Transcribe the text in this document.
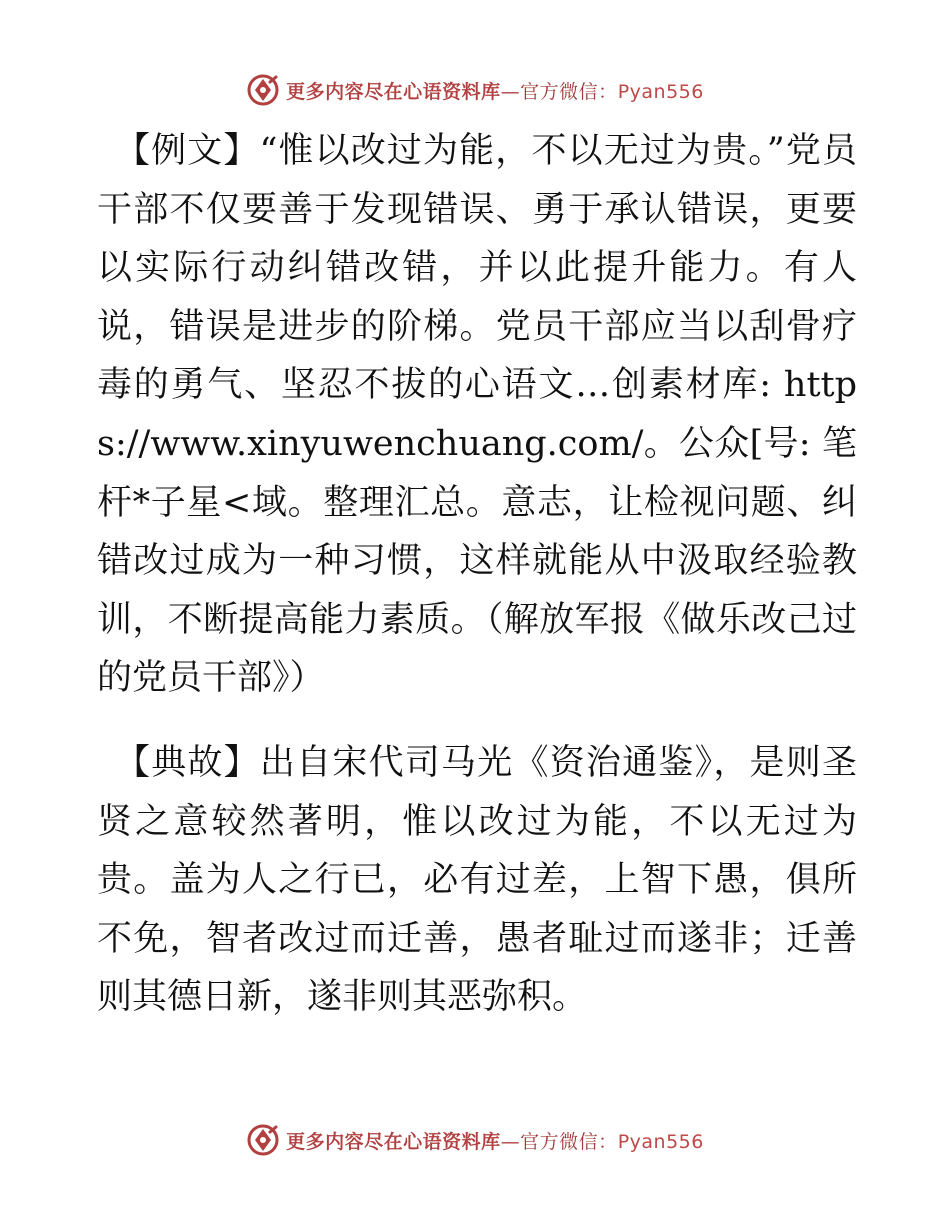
更多内容尽在心语资料库—官方微信：Pyan556

【例文】“惟以改过为能，不以无过为贵。”党员干部不仅要善于发现错误、勇于承认错误，更要以实际行动纠错改错，并以此提升能力。有人说，错误是进步的阶梯。党员干部应当以刮骨疗毒的勇气、坚忍不拔的心语文…创素材库: https://www.xinyuwenchuang.com/。公众[号: 笔杆*子星<域。整理汇总。意志，让检视问题、纠错改过成为一种习惯，这样就能从中汲取经验教训，不断提高能力素质。（解放军报《做乐改己过的党员干部》）

【典故】出自宋代司马光《资治通鉴》，是则圣贤之意较然著明，惟以改过为能，不以无过为贵。盖为人之行已，必有过差，上智下愚，俱所不免，智者改过而迁善，愚者耻过而遂非；迁善则其德日新，遂非则其恶弥积。

更多内容尽在心语资料库—官方微信：Pyan556
